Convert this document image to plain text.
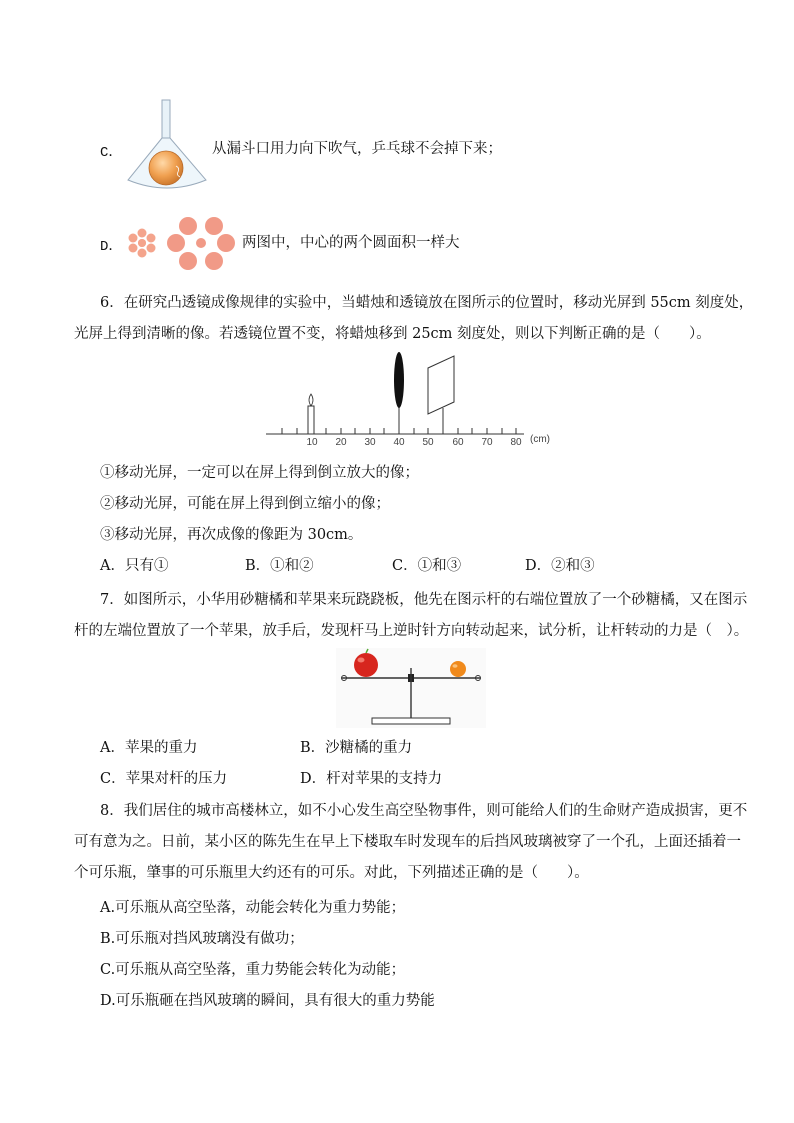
C．	从漏斗口用力向下吹气，乒乓球不会掉下来；
D．	两图中，中心的两个圆面积一样大
6．在研究凸透镜成像规律的实验中，当蜡烛和透镜放在图所示的位置时，移动光屏到 55cm 刻度处，
光屏上得到清晰的像。若透镜位置不变，将蜡烛移到 25cm 刻度处，则以下判断正确的是（　　）。
10 20 30 40 50 60 70 80 (cm)
①移动光屏，一定可以在屏上得到倒立放大的像；
②移动光屏，可能在屏上得到倒立缩小的像；
③移动光屏，再次成像的像距为 30cm。
A．只有①	B．①和②	C．①和③	D．②和③
7．如图所示，小华用砂糖橘和苹果来玩跷跷板，他先在图示杆的右端位置放了一个砂糖橘，又在图示
杆的左端位置放了一个苹果，放手后，发现杆马上逆时针方向转动起来，试分析，让杆转动的力是（　）。
A．苹果的重力	B．沙糖橘的重力
C．苹果对杆的压力	D．杆对苹果的支持力
8．我们居住的城市高楼林立，如不小心发生高空坠物事件，则可能给人们的生命财产造成损害，更不
可有意为之。日前，某小区的陈先生在早上下楼取车时发现车的后挡风玻璃被穿了一个孔，上面还插着一
个可乐瓶，肇事的可乐瓶里大约还有的可乐。对此，下列描述正确的是（　　）。
A.可乐瓶从高空坠落，动能会转化为重力势能；
B.可乐瓶对挡风玻璃没有做功；
C.可乐瓶从高空坠落，重力势能会转化为动能；
D.可乐瓶砸在挡风玻璃的瞬间，具有很大的重力势能
